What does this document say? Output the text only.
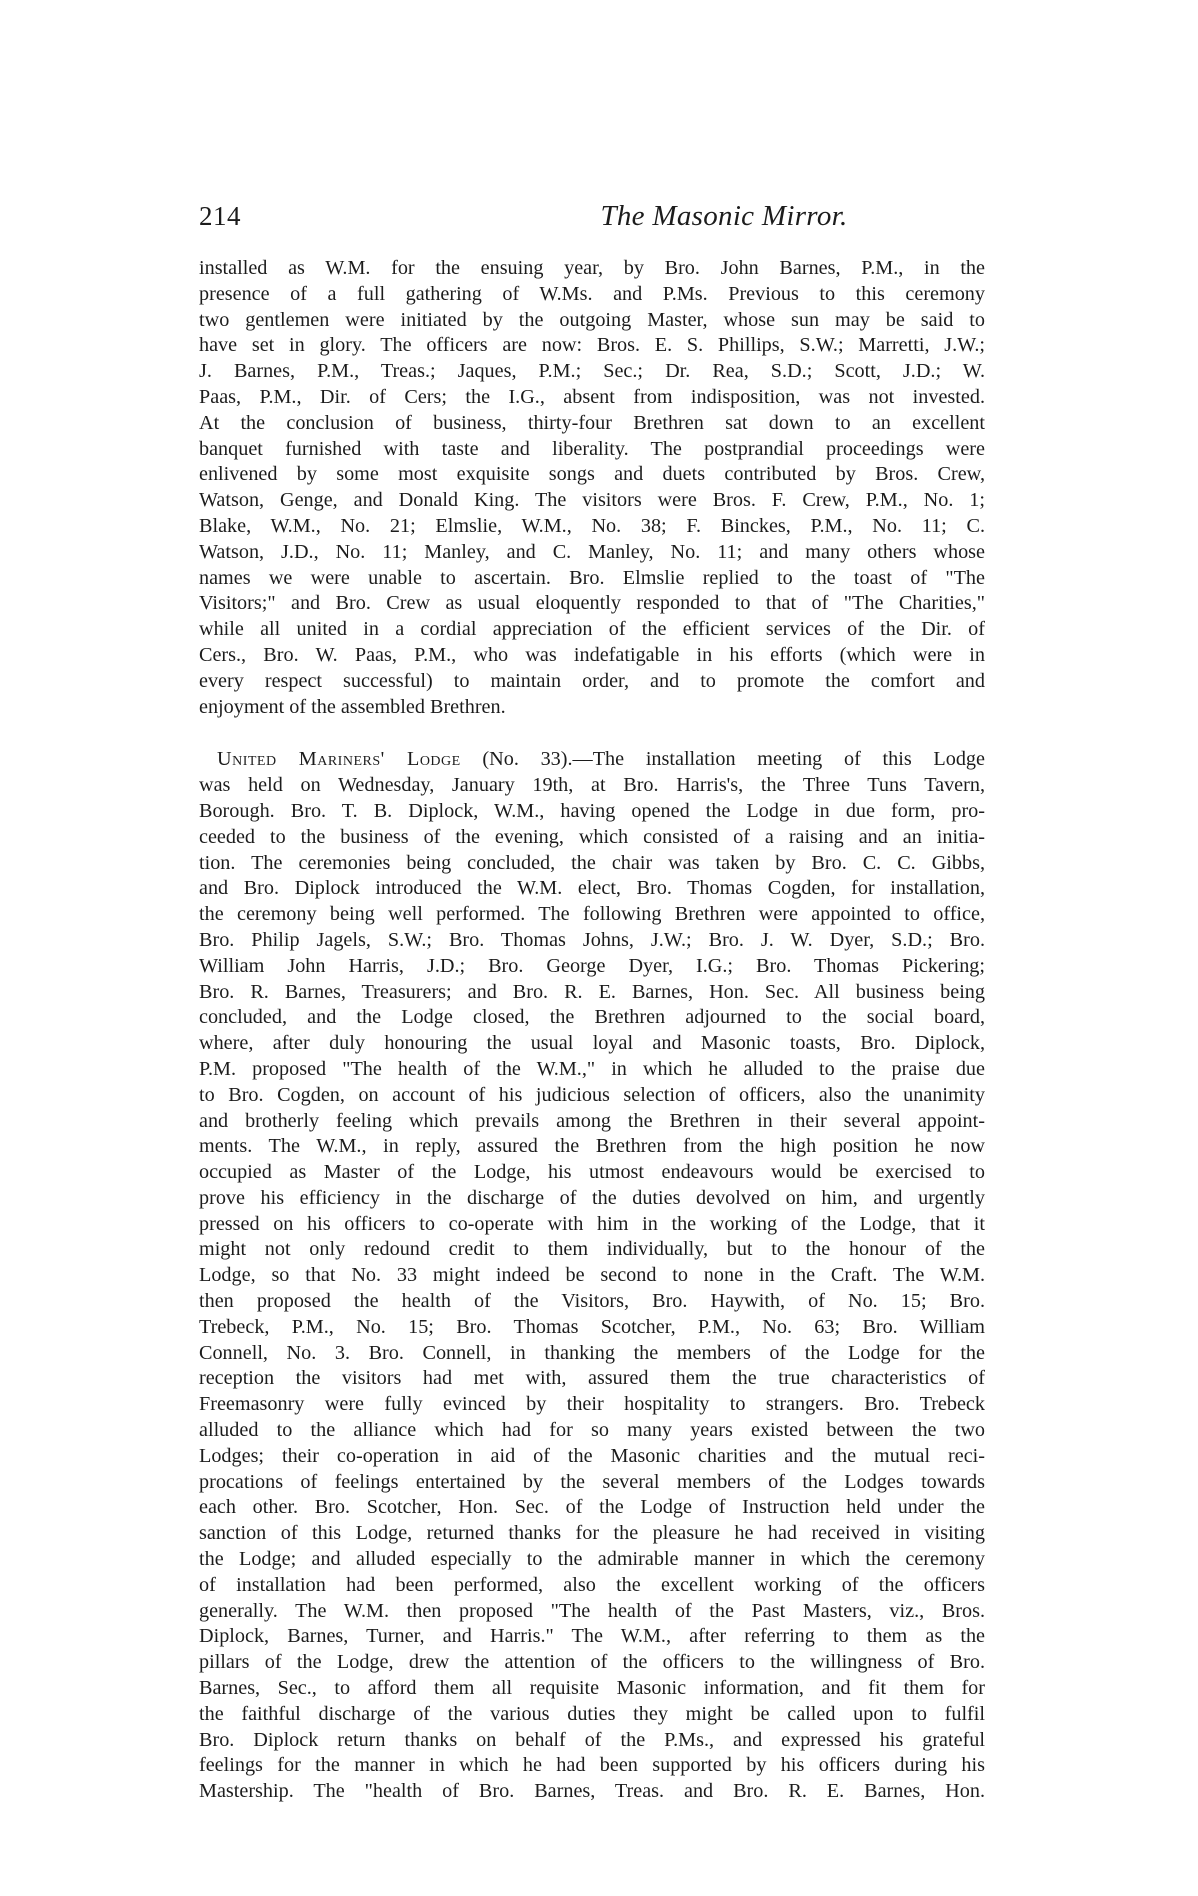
214	The Masonic Mirror.
installed as W.M. for the ensuing year, by Bro. John Barnes, P.M., in the
presence of a full gathering of W.Ms. and P.Ms. Previous to this ceremony
two gentlemen were initiated by the outgoing Master, whose sun may be said to
have set in glory. The officers are now: Bros. E. S. Phillips, S.W.; Marretti, J.W.;
J. Barnes, P.M., Treas.; Jaques, P.M.; Sec.; Dr. Rea, S.D.; Scott, J.D.; W.
Paas, P.M., Dir. of Cers; the I.G., absent from indisposition, was not invested.
At the conclusion of business, thirty-four Brethren sat down to an excellent
banquet furnished with taste and liberality. The postprandial proceedings were
enlivened by some most exquisite songs and duets contributed by Bros. Crew,
Watson, Genge, and Donald King. The visitors were Bros. F. Crew, P.M., No. 1;
Blake, W.M., No. 21; Elmslie, W.M., No. 38; F. Binckes, P.M., No. 11; C.
Watson, J.D., No. 11; Manley, and C. Manley, No. 11; and many others whose
names we were unable to ascertain. Bro. Elmslie replied to the toast of "The
Visitors;" and Bro. Crew as usual eloquently responded to that of "The Charities,"
while all united in a cordial appreciation of the efficient services of the Dir. of
Cers., Bro. W. Paas, P.M., who was indefatigable in his efforts (which were in
every respect successful) to maintain order, and to promote the comfort and
enjoyment of the assembled Brethren.
United Mariners' Lodge (No. 33).—The installation meeting of this Lodge
was held on Wednesday, January 19th, at Bro. Harris's, the Three Tuns Tavern,
Borough. Bro. T. B. Diplock, W.M., having opened the Lodge in due form, pro-
ceeded to the business of the evening, which consisted of a raising and an initia-
tion. The ceremonies being concluded, the chair was taken by Bro. C. C. Gibbs,
and Bro. Diplock introduced the W.M. elect, Bro. Thomas Cogden, for installation,
the ceremony being well performed. The following Brethren were appointed to office,
Bro. Philip Jagels, S.W.; Bro. Thomas Johns, J.W.; Bro. J. W. Dyer, S.D.; Bro.
William John Harris, J.D.; Bro. George Dyer, I.G.; Bro. Thomas Pickering;
Bro. R. Barnes, Treasurers; and Bro. R. E. Barnes, Hon. Sec. All business being
concluded, and the Lodge closed, the Brethren adjourned to the social board,
where, after duly honouring the usual loyal and Masonic toasts, Bro. Diplock,
P.M. proposed "The health of the W.M.," in which he alluded to the praise due
to Bro. Cogden, on account of his judicious selection of officers, also the unanimity
and brotherly feeling which prevails among the Brethren in their several appoint-
ments. The W.M., in reply, assured the Brethren from the high position he now
occupied as Master of the Lodge, his utmost endeavours would be exercised to
prove his efficiency in the discharge of the duties devolved on him, and urgently
pressed on his officers to co-operate with him in the working of the Lodge, that it
might not only redound credit to them individually, but to the honour of the
Lodge, so that No. 33 might indeed be second to none in the Craft. The W.M.
then proposed the health of the Visitors, Bro. Haywith, of No. 15; Bro.
Trebeck, P.M., No. 15; Bro. Thomas Scotcher, P.M., No. 63; Bro. William
Connell, No. 3. Bro. Connell, in thanking the members of the Lodge for the
reception the visitors had met with, assured them the true characteristics of
Freemasonry were fully evinced by their hospitality to strangers. Bro. Trebeck
alluded to the alliance which had for so many years existed between the two
Lodges; their co-operation in aid of the Masonic charities and the mutual reci-
procations of feelings entertained by the several members of the Lodges towards
each other. Bro. Scotcher, Hon. Sec. of the Lodge of Instruction held under the
sanction of this Lodge, returned thanks for the pleasure he had received in visiting
the Lodge; and alluded especially to the admirable manner in which the ceremony
of installation had been performed, also the excellent working of the officers
generally. The W.M. then proposed "The health of the Past Masters, viz., Bros.
Diplock, Barnes, Turner, and Harris." The W.M., after referring to them as the
pillars of the Lodge, drew the attention of the officers to the willingness of Bro.
Barnes, Sec., to afford them all requisite Masonic information, and fit them for
the faithful discharge of the various duties they might be called upon to fulfil
Bro. Diplock return thanks on behalf of the P.Ms., and expressed his grateful
feelings for the manner in which he had been supported by his officers during his
Mastership. The "health of Bro. Barnes, Treas. and Bro. R. E. Barnes, Hon.
